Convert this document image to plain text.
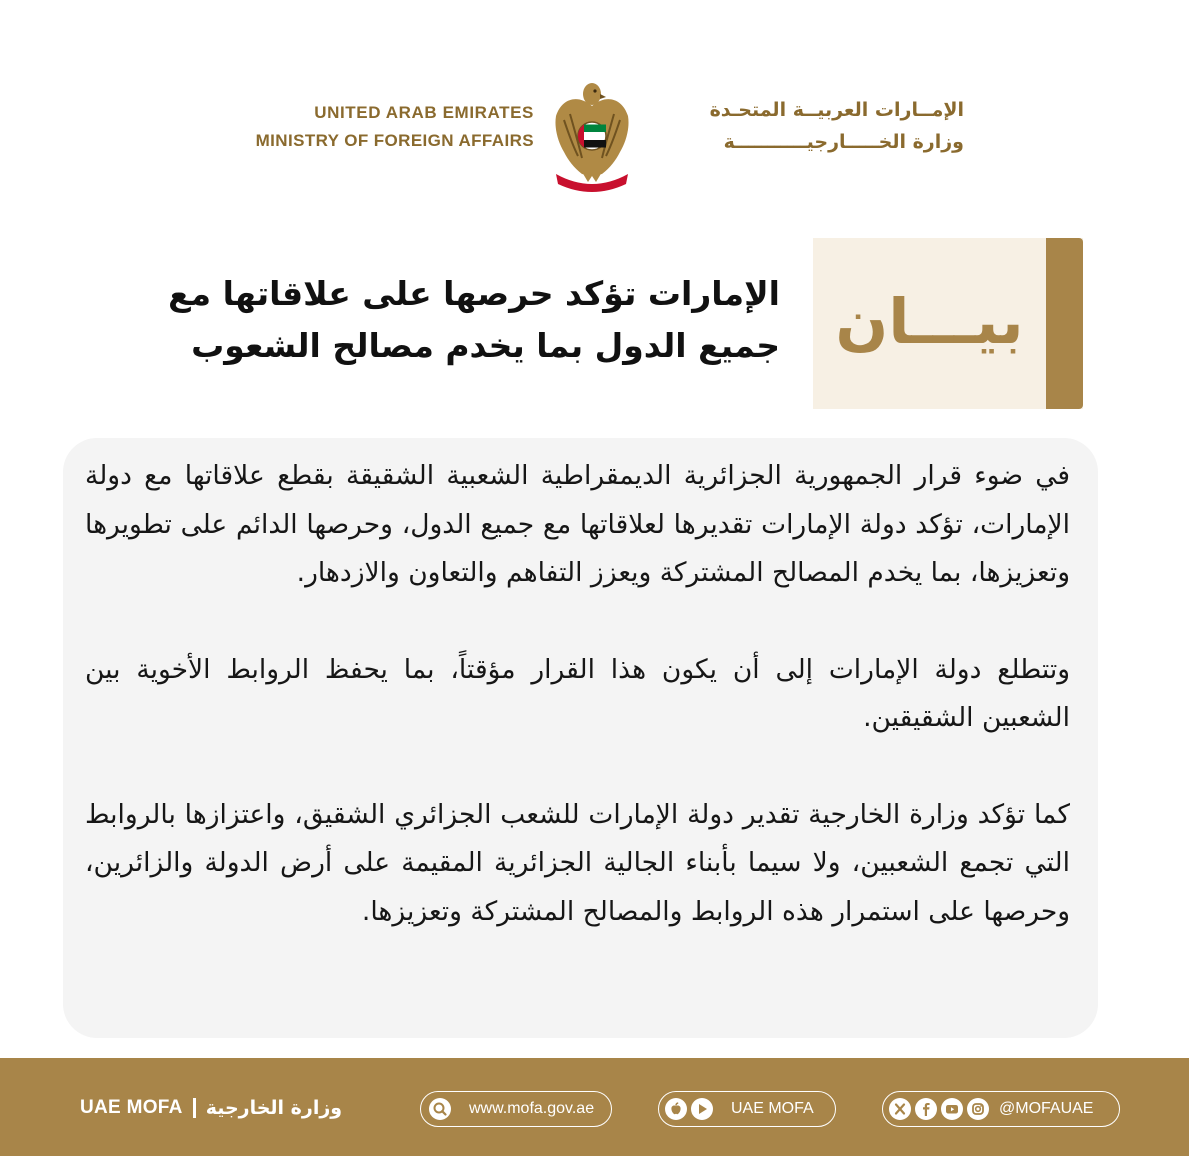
UNITED ARAB EMIRATES
MINISTRY OF FOREIGN AFFAIRS
الإمــارات العربيــة المتحـدة
وزارة الخـــــارجيـــــــــــة
بيـــان
الإمارات تؤكد حرصها على علاقاتها مع
جميع الدول بما يخدم مصالح الشعوب

في ضوء قرار الجمهورية الجزائرية الديمقراطية الشعبية الشقيقة بقطع علاقاتها مع دولة الإمارات، تؤكد دولة الإمارات تقديرها لعلاقاتها مع جميع الدول، وحرصها الدائم على تطويرها وتعزيزها، بما يخدم المصالح المشتركة ويعزز التفاهم والتعاون والازدهار.

وتتطلع دولة الإمارات إلى أن يكون هذا القرار مؤقتاً، بما يحفظ الروابط الأخوية بين الشعبين الشقيقين.

كما تؤكد وزارة الخارجية تقدير دولة الإمارات للشعب الجزائري الشقيق، واعتزازها بالروابط التي تجمع الشعبين، ولا سيما بأبناء الجالية الجزائرية المقيمة على أرض الدولة والزائرين، وحرصها على استمرار هذه الروابط والمصالح المشتركة وتعزيزها.

UAE MOFA وزارة الخارجية	www.mofa.gov.ae	UAE MOFA	@MOFAUAE
